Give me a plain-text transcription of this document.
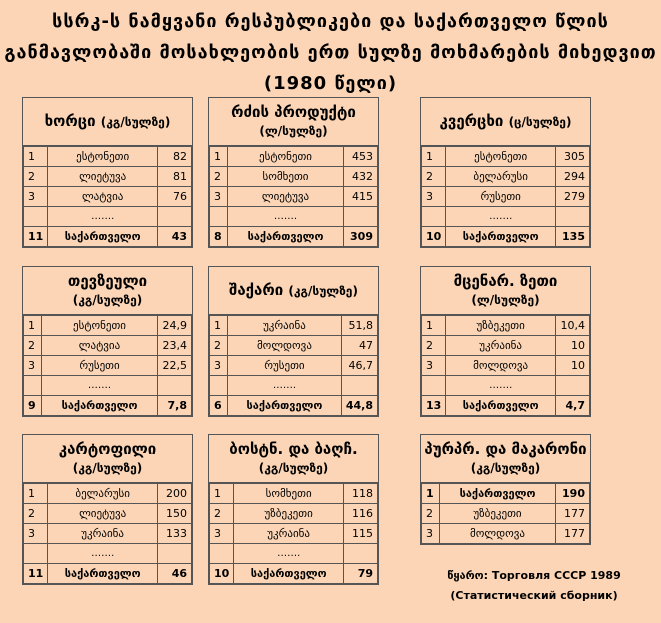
სსრკ-ს ნამყვანი რესპუბლიკები და საქართველო წლის
განმავლობაში მოსახლეობის ერთ სულზე მოხმარების მიხედვით
(1980 წელი)
ხორცი (კგ/სულზე)
1	ესტონეთი	82
2	ლიეტუვა	81
3	ლატვია	76
	…….	
11	საქართველო	43
რძის პროდუქტი
(ლ/სულზე)
1	ესტონეთი	453
2	სომხეთი	432
3	ლიეტუვა	415
	…….	
8	საქართველო	309
კვერცხი (ც/სულზე)
1	ესტონეთი	305
2	ბელარუსი	294
3	რუსეთი	279
	…….	
10	საქართველო	135
თევზეული
(კგ/სულზე)
1	ესტონეთი	24,9
2	ლატვია	23,4
3	რუსეთი	22,5
	…….	
9	საქართველო	7,8
შაქარი (კგ/სულზე)
1	უკრაინა	51,8
2	მოლდოვა	47
3	რუსეთი	46,7
	…….	
6	საქართველო	44,8
მცენარ. ზეთი
(ლ/სულზე)
1	უზბეკეთი	10,4
2	უკრაინა	10
3	მოლდოვა	10
	…….	
13	საქართველო	4,7
კარტოფილი
(კგ/სულზე)
1	ბელარუსი	200
2	ლიეტუვა	150
3	უკრაინა	133
	…….	
11	საქართველო	46
ბოსტნ. და ბაღჩ.
(კგ/სულზე)
1	სომხეთი	118
2	უზბეკეთი	116
3	უკრაინა	115
	…….	
10	საქართველო	79
პურპრ. და მაკარონი
(კგ/სულზე)
1	საქართველო	190
2	უზბეკეთი	177
3	მოლდოვა	177
წყარო: Торговля СССР 1989
(Статистический сборник)
